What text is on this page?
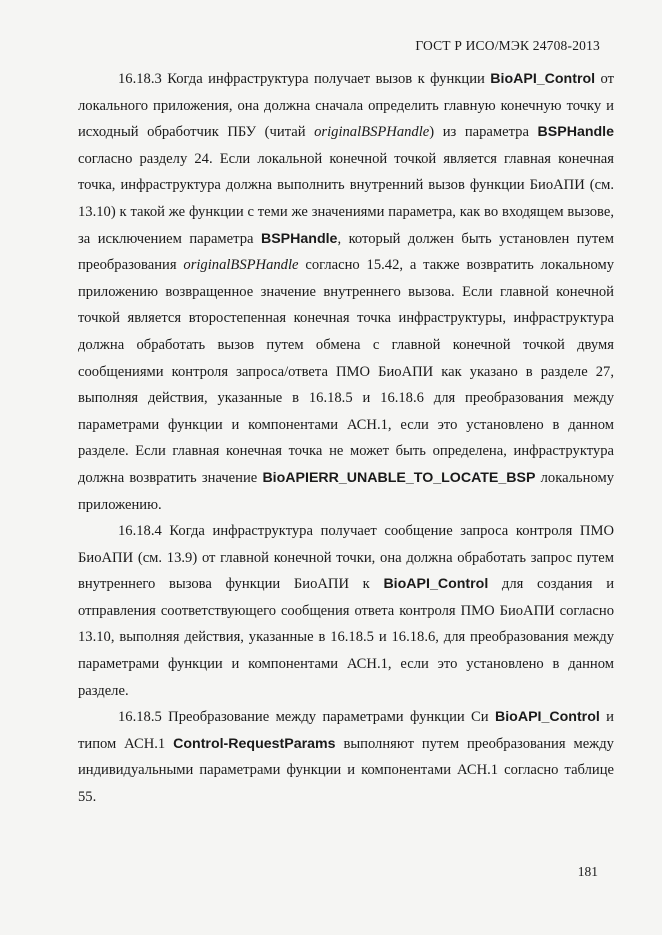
ГОСТ Р ИСО/МЭК 24708-2013

16.18.3 Когда инфраструктура получает вызов к функции BioAPI_Control от локального приложения, она должна сначала определить главную конечную точку и исходный обработчик ПБУ (читай originalBSPHandle) из параметра BSPHandle согласно разделу 24. Если локальной конечной точкой является главная конечная точка, инфраструктура должна выполнить внутренний вызов функции БиоАПИ (см. 13.10) к такой же функции с теми же значениями параметра, как во входящем вызове, за исключением параметра BSPHandle, который должен быть установлен путем преобразования originalBSPHandle согласно 15.42, а также возвратить локальному приложению возвращенное значение внутреннего вызова. Если главной конечной точкой является второстепенная конечная точка инфраструктуры, инфраструктура должна обработать вызов путем обмена с главной конечной точкой двумя сообщениями контроля запроса/ответа ПМО БиоАПИ как указано в разделе 27, выполняя действия, указанные в 16.18.5 и 16.18.6 для преобразования между параметрами функции и компонентами АСН.1, если это установлено в данном разделе. Если главная конечная точка не может быть определена, инфраструктура должна возвратить значение BioAPIERR_UNABLE_TO_LOCATE_BSP локальному приложению.

16.18.4 Когда инфраструктура получает сообщение запроса контроля ПМО БиоАПИ (см. 13.9) от главной конечной точки, она должна обработать запрос путем внутреннего вызова функции БиоАПИ к BioAPI_Control для создания и отправления соответствующего сообщения ответа контроля ПМО БиоАПИ согласно 13.10, выполняя действия, указанные в 16.18.5 и 16.18.6, для преобразования между параметрами функции и компонентами АСН.1, если это установлено в данном разделе.

16.18.5 Преобразование между параметрами функции Си BioAPI_Control и типом АСН.1 Control-RequestParams выполняют путем преобразования между индивидуальными параметрами функции и компонентами АСН.1 согласно таблице 55.

181
